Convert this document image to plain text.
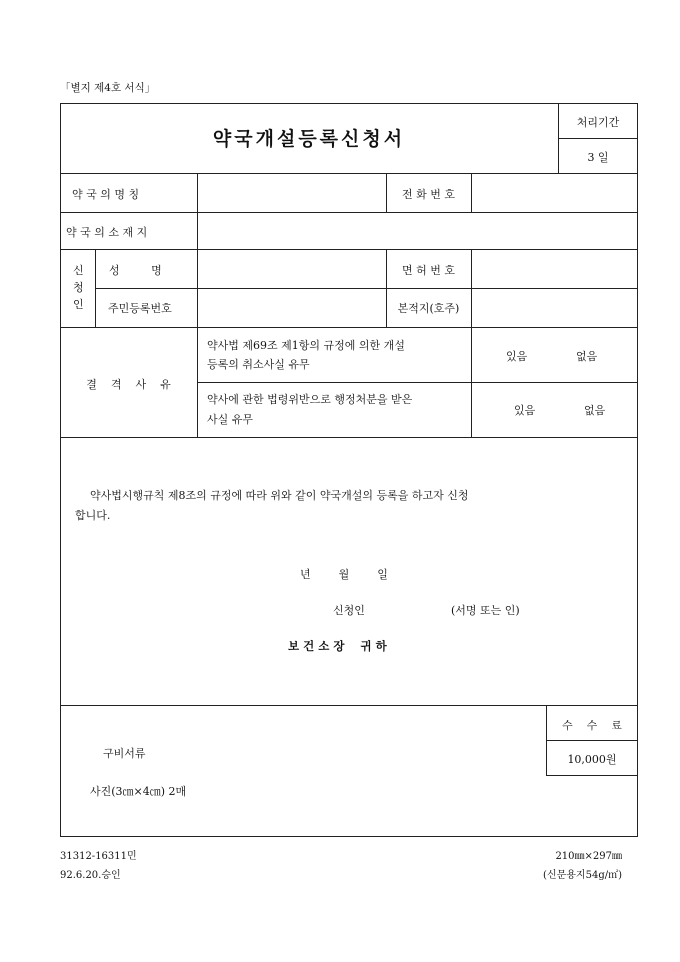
「별지 제4호 서식」
약국개설등록신청서
처리기간
3 일
약 국 의 명 칭	전 화 번 호
약 국 의 소 재 지
신
청
인
성         명	면 허 번 호
주민등록번호	본적지(호주)
결    격    사    유
약사법 제69조 제1항의 규정에 의한 개설
등록의 취소사실 유무
있음	없음
약사에 관한 법령위반으로 행정처분을 받은
사실 유무
있음	없음
약사법시행규칙 제8조의 규정에 따라 위와 같이 약국개설의 등록을 하고자 신청
합니다.
년        월        일
신청인	(서명 또는 인)
보 건 소 장    귀 하
수    수    료
10,000원
구비서류
사진(3㎝×4㎝) 2매
31312-16311민
92.6.20.승인
210㎜×297㎜
(신문용지54g/㎡)
